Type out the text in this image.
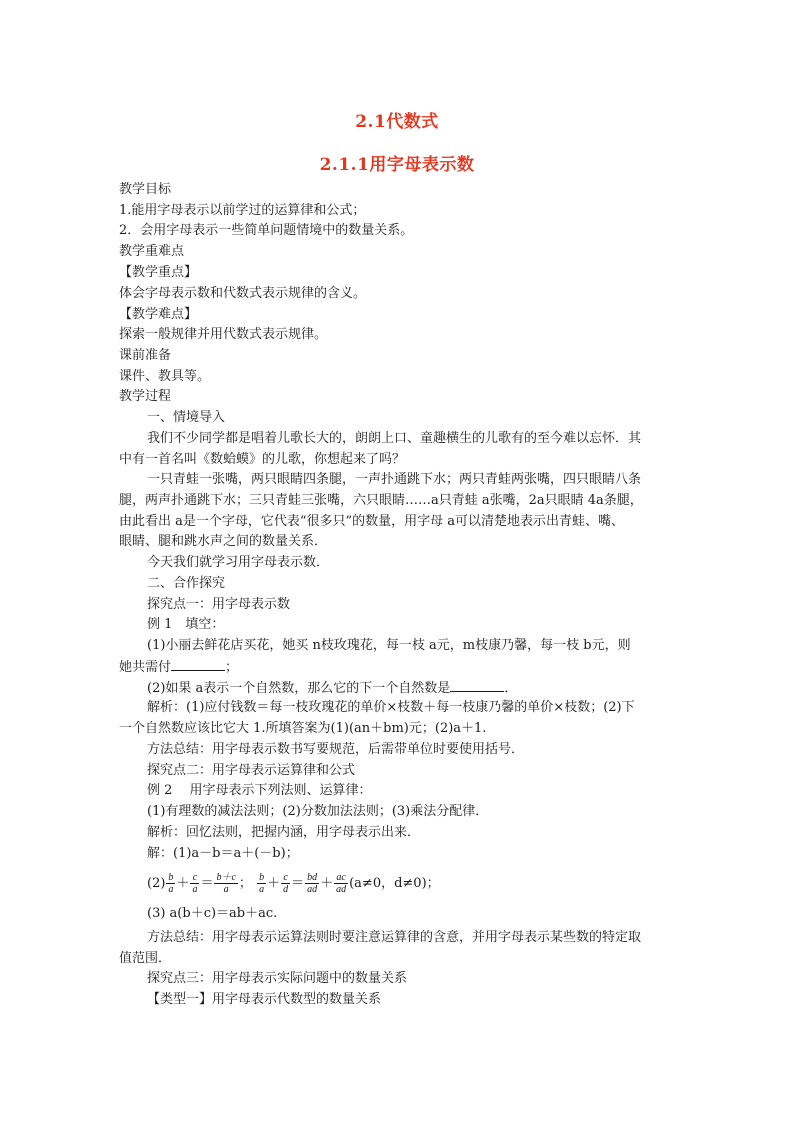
2.1代数式
2.1.1用字母表示数
教学目标
1.能用字母表示以前学过的运算律和公式；
2．会用字母表示一些简单问题情境中的数量关系。
教学重难点
【教学重点】
体会字母表示数和代数式表示规律的含义。
【教学难点】
探索一般规律并用代数式表示规律。
课前准备
课件、教具等。
教学过程
一、情境导入
我们不少同学都是唱着儿歌长大的，朗朗上口、童趣横生的儿歌有的至今难以忘怀．其
中有一首名叫《数蛤蟆》的儿歌，你想起来了吗？
一只青蛙一张嘴，两只眼睛四条腿，一声扑通跳下水；两只青蛙两张嘴，四只眼睛八条
腿，两声扑通跳下水；三只青蛙三张嘴，六只眼睛……a只青蛙 a张嘴，2a只眼睛 4a条腿，
由此看出 a是一个字母，它代表“很多只”的数量，用字母 a可以清楚地表示出青蛙、嘴、
眼睛、腿和跳水声之间的数量关系．
今天我们就学习用字母表示数．
二、合作探究
探究点一：用字母表示数
例 1　填空：
(1)小丽去鲜花店买花，她买 n枝玫瑰花，每一枝 a元，m枝康乃馨，每一枝 b元，则
她共需付	；
(2)如果 a表示一个自然数，那么它的下一个自然数是	．
解析：(1)应付钱数＝每一枝玫瑰花的单价×枝数＋每一枝康乃馨的单价×枝数；(2)下
一个自然数应该比它大 1.所填答案为(1)(an＋bm)元；(2)a＋1.
方法总结：用字母表示数书写要规范，后需带单位时要使用括号．
探究点二：用字母表示运算律和公式
例 2　 用字母表示下列法则、运算律：
(1)有理数的减法法则；(2)分数加法法则；(3)乘法分配律．
解析：回忆法则，把握内涵，用字母表示出来．
解：(1)a－b＝a＋(－b)；
$(2) \frac{b}{a} + \frac{c}{a} = \frac{b+c}{a}$ ； $\frac{b}{a} + \frac{c}{d} = \frac{bd}{ad} + \frac{ac}{ad} (a\ne 0$，d≠0)；
(3) a(b＋c)＝ab＋ac.
方法总结：用字母表示运算法则时要注意运算律的含意，并用字母表示某些数的特定取
值范围．
探究点三：用字母表示实际问题中的数量关系
【类型一】用字母表示代数型的数量关系
